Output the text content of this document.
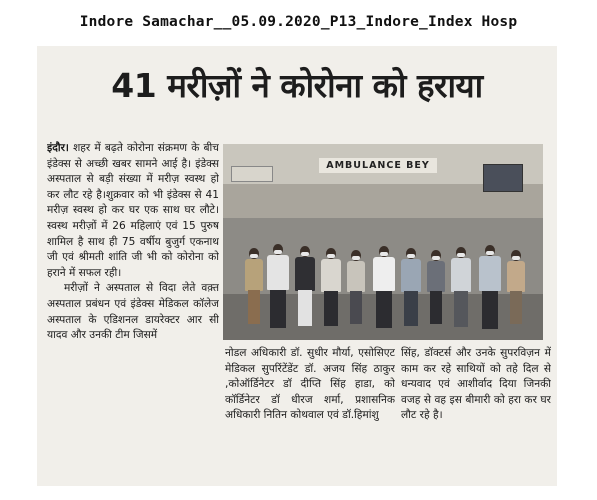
Indore Samachar__05.09.2020_P13_Indore_Index Hosp
41 मरीज़ों ने कोरोना को हराया

इंदौर। शहर में बढ़ते कोरोना संक्रमण के बीच इंडेक्स से अच्छी खबर सामने आई है। इंडेक्स अस्पताल से बड़ी संख्या में मरीज़ स्वस्थ हो कर लौट रहे है।शुक्रवार को भी इंडेक्स से 41 मरीज़ स्वस्थ हो कर घर एक साथ घर लौटे।स्वस्थ मरीज़ों में 26 महिलाएं एवं 15 पुरुष शामिल है साथ ही 75 वर्षीय बुजुर्ग एकनाथ जी एवं श्रीमती शांति जी भी को कोरोना को हराने में सफल रही।

मरीज़ों ने अस्पताल से विदा लेते वक़्त अस्पताल प्रबंधन एवं इंडेक्स मेडिकल कॉलेज अस्पताल के एडिशनल डायरेक्टर आर सी यादव और उनकी टीम जिसमें

AMBULANCE BEY
नोडल अधिकारी डॉ. सुधीर मौर्या, एसोसिएट मेडिकल सुपरिंटेंडेंट डॉ. अजय सिंह ठाकुर ,कोऑर्डिनेटर डॉ दीप्ति सिंह हाडा, को कॉर्डिनेटर डॉ धीरज शर्मा, प्रशासनिक अधिकारी नितिन कोथवाल एवं डॉ.हिमांशु
सिंह, डॉक्टर्स और उनके सुपरविज़न में काम कर रहे साथियों को तहे दिल से धन्यवाद एवं आशीर्वाद दिया जिनकी वजह से वह इस बीमारी को हरा कर घर लौट रहे है।
